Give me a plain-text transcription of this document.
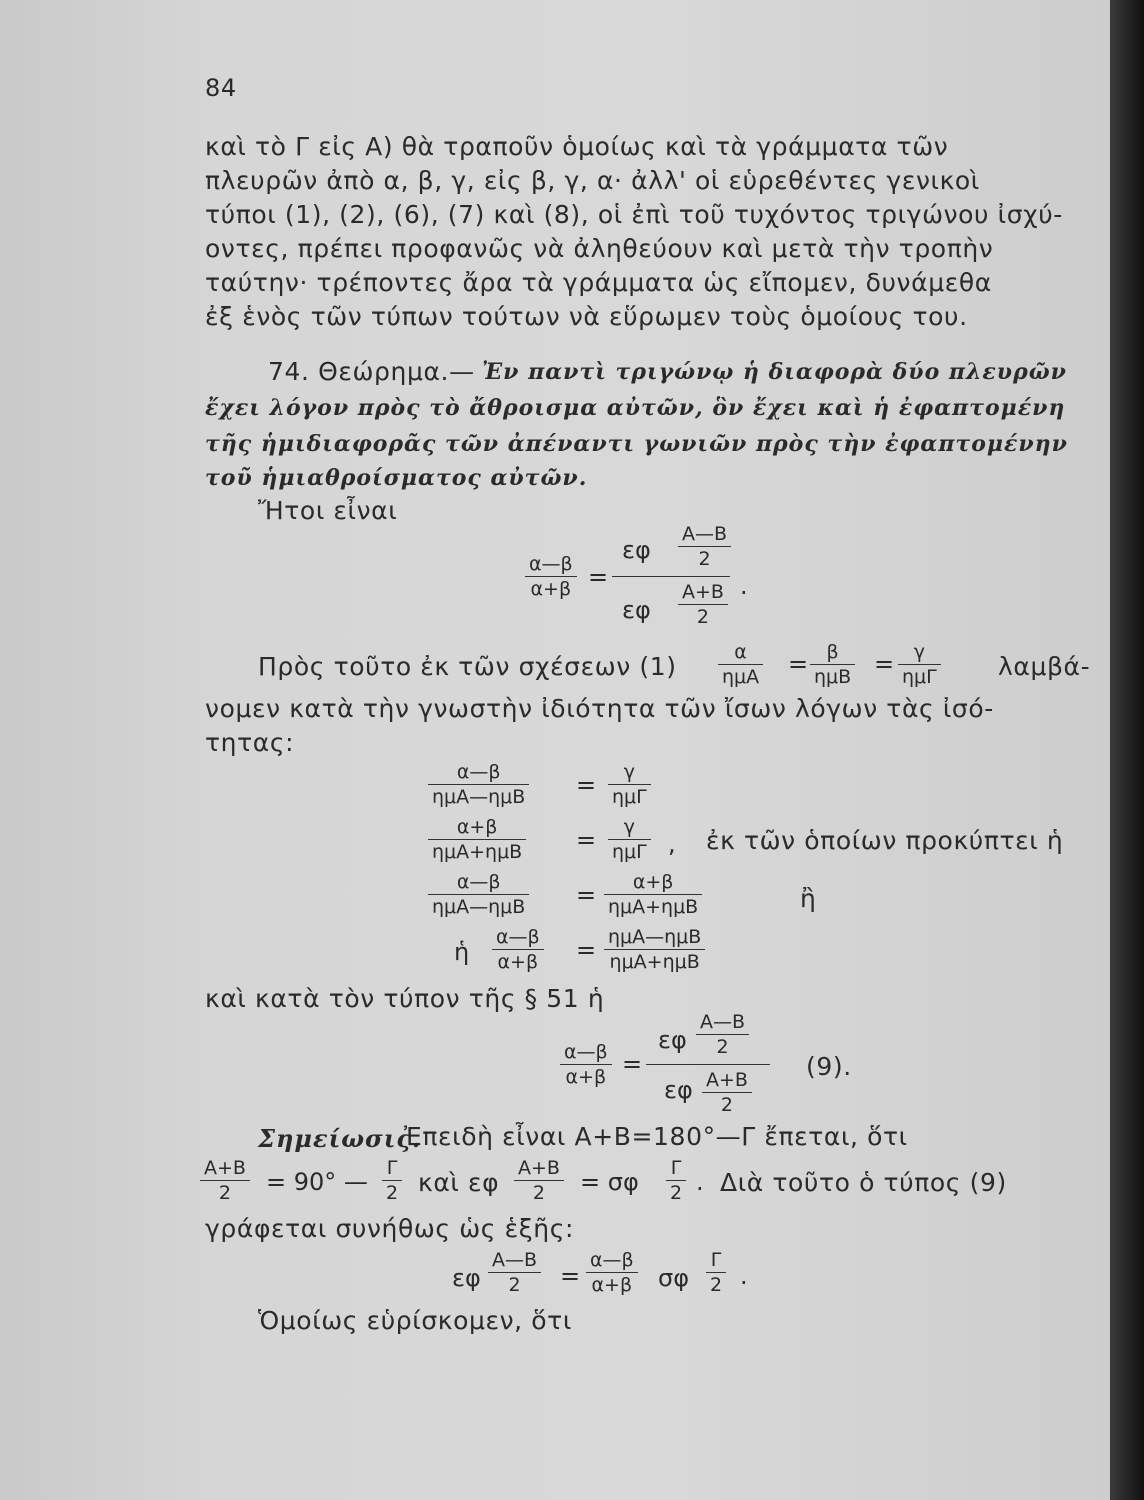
84
καὶ τὸ Γ εἰς Α) θὰ τραποῦν ὁμοίως καὶ τὰ γράμματα τῶν
πλευρῶν ἀπὸ α, β, γ, εἰς β, γ, α· ἀλλ' οἱ εὑρεθέντες γενικοὶ
τύποι (1), (2), (6), (7) καὶ (8), οἱ ἐπὶ τοῦ τυχόντος τριγώνου ἰσχύ-
οντες, πρέπει προφανῶς νὰ ἀληθεύουν καὶ μετὰ τὴν τροπὴν
ταύτην· τρέποντες ἄρα τὰ γράμματα ὡς εἴπομεν, δυνάμεθα
ἐξ ἑνὸς τῶν τύπων τούτων νὰ εὕρωμεν τοὺς ὁμοίους του.
74. Θεώρημα.— Ἐν παντὶ τριγώνῳ ἡ διαφορὰ δύο πλευρῶν
ἔχει λόγον πρὸς τὸ ἄθροισμα αὐτῶν, ὃν ἔχει καὶ ἡ ἐφαπτομένη
τῆς ἡμιδιαφορᾶς τῶν ἀπέναντι γωνιῶν πρὸς τὴν ἐφαπτομένην
τοῦ ἡμιαθροίσματος αὐτῶν.
Ἤτοι εἶναι
α—β
α+β =
εφ
Α—Β
2
εφ
Α+Β
2
.
Πρὸς τοῦτο ἐκ τῶν σχέσεων (1)	α
ημΑ = β
ημΒ = γ
ημΓ λαμβά-
νομεν κατὰ τὴν γνωστὴν ἰδιότητα τῶν ἴσων λόγων τὰς ἰσό-
τητας:
α—β
ημΑ—ημΒ = γ
ημΓ
α+β
ημΑ+ημΒ = γ
ημΓ , ἐκ τῶν ὁποίων προκύπτει ἡ
α—β
ημΑ—ημΒ = α+β
ημΑ+ημΒ	ἢ
ἡ
α—β
α+β = ημΑ—ημΒ
ημΑ+ημΒ
καὶ κατὰ τὸν τύπον τῆς § 51 ἡ
α—β
α+β =
εφ
Α—Β
2
εφ Α+Β
2
(9).
Σημείωσις.
Ἐπειδὴ εἶναι Α+Β=180°—Γ ἔπεται, ὅτι
Α+Β
2 = 90° — Γ
2 καὶ εφ Α+Β
2 = σφ Γ
2 . Διὰ τοῦτο ὁ τύπος (9)
γράφεται συνήθως ὡς ἑξῆς:
εφ
Α—Β
2 =
α—β
α+β σφ
Γ
2 .
Ὁμοίως εὑρίσκομεν, ὅτι
